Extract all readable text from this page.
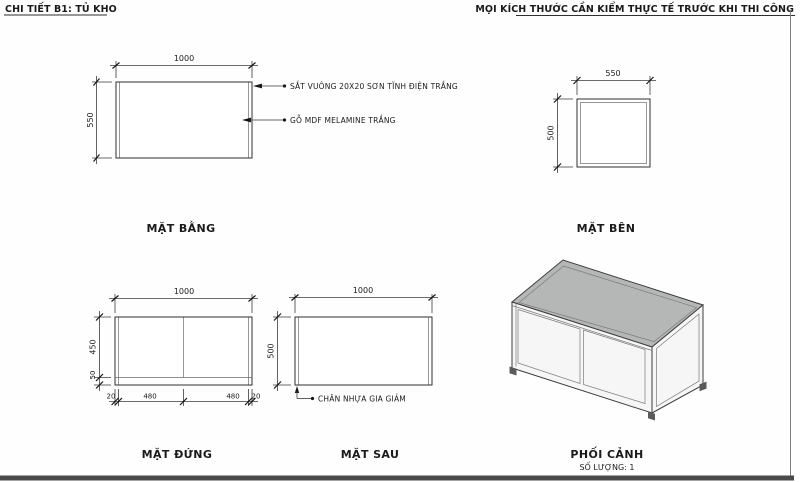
CHI TIẾT B1: TỦ KHO	MỌI KÍCH THƯỚC CẦN KIỂM THỰC TẾ TRƯỚC KHI THI CÔNG
1000
550
SẮT VUÔNG 20X20 SƠN TĨNH ĐIỆN TRẮNG
GỖ MDF MELAMINE TRẮNG
MẶT BẰNG
550
500
MẶT BÊN
1000
450
50
20	480	480 20
MẶT ĐỨNG
1000
500
CHÂN NHỰA GIA GIẢM
MẶT SAU	PHỐI CẢNH
SỐ LƯỢNG: 1
